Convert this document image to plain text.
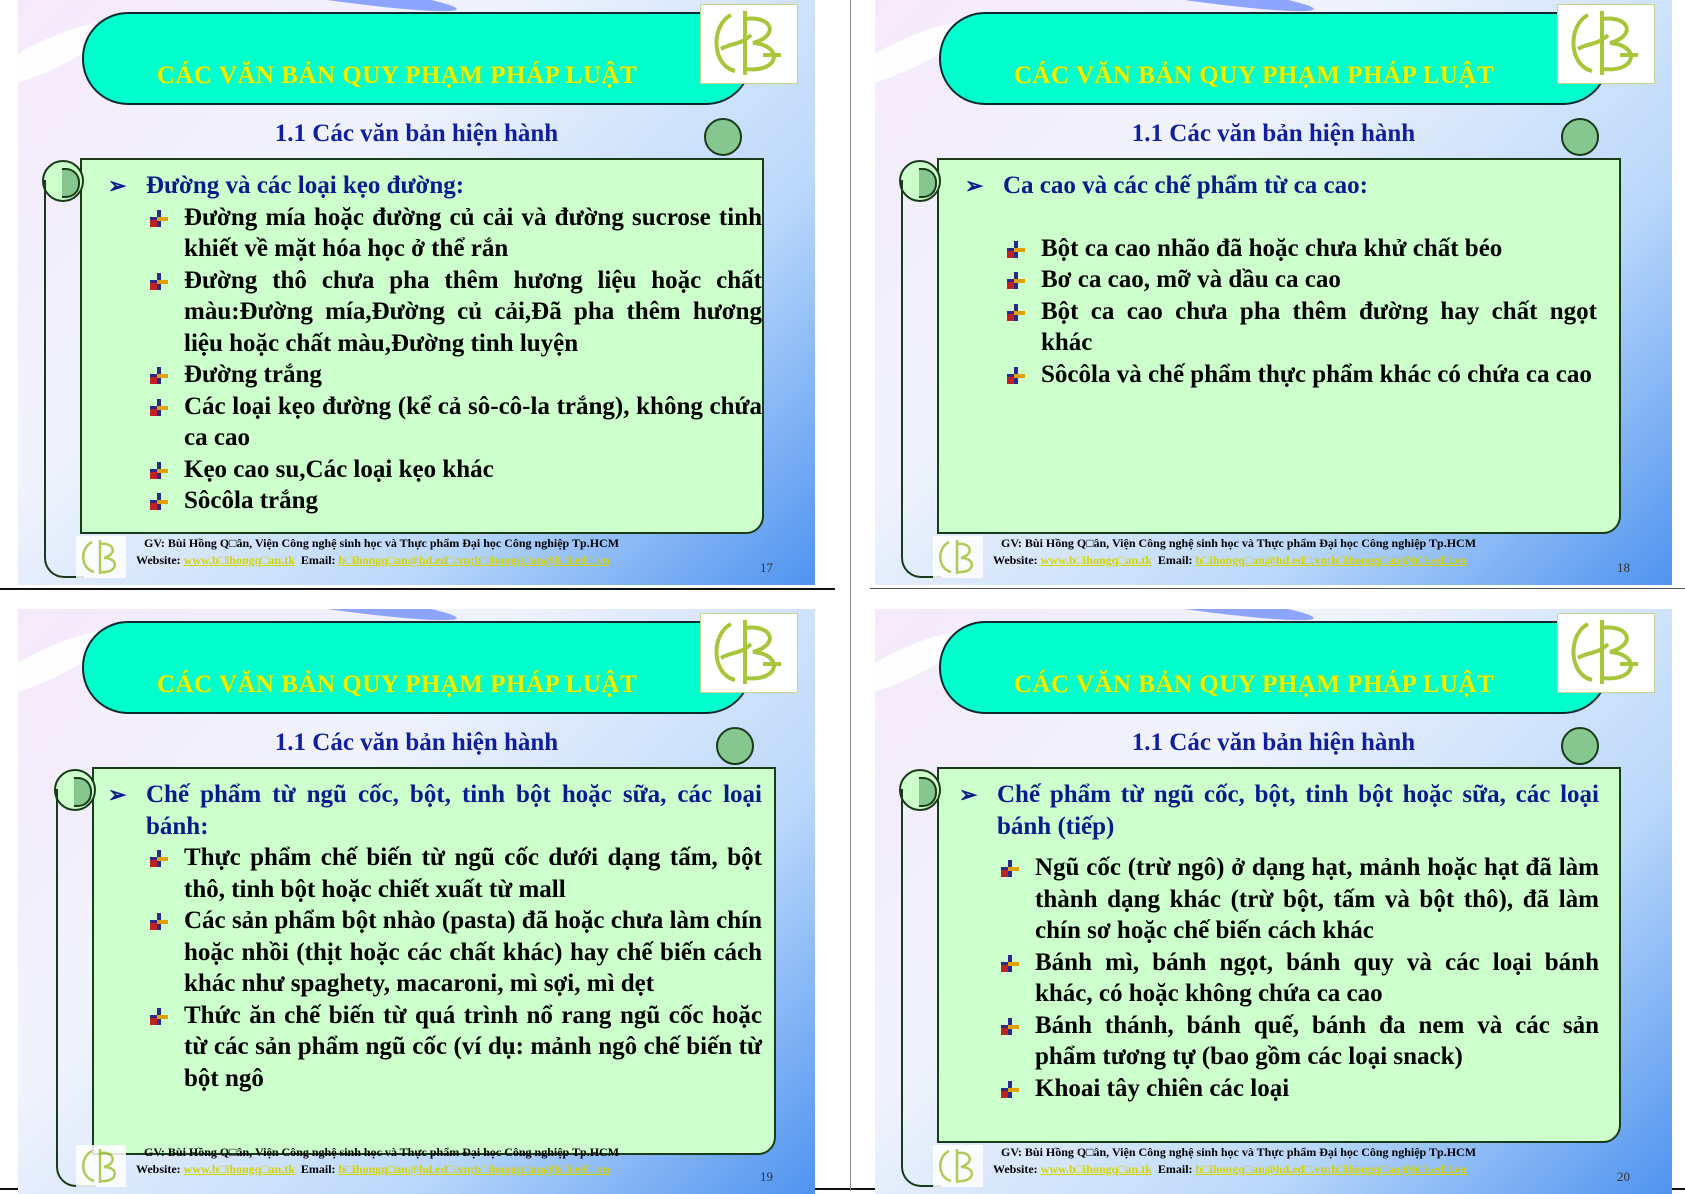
CÁC VĂN BẢN QUY PHẠM PHÁP LUẬT
1.1 Các văn bản hiện hành
➢ Đường và các loại kẹo đường:
Đường mía hoặc đường củ cải và đường sucrose tinh khiết về mặt hóa học ở thể rắn
Đường thô chưa pha thêm hương liệu hoặc chất màu:Đường mía,Đường củ cải,Đã pha thêm hương liệu hoặc chất màu,Đường tinh luyện
Đường trắng
Các loại kẹo đường (kể cả sô-cô-la trắng), không chứa ca cao
Kẹo cao su,Các loại kẹo khác
Sôcôla trắng
GV: Bùi Hồng Q□ân, Viện Công nghệ sinh học và Thực phẩm Đại học Công nghiệp Tp.HCM
Website: www.b□ihongq□an.tk Email: b□ihongq□an@hd.ed□.vn;b□ihongq□an@h□i.ed□.vn	17
CÁC VĂN BẢN QUY PHẠM PHÁP LUẬT
1.1 Các văn bản hiện hành
➢ Ca cao và các chế phẩm từ ca cao:
Bột ca cao nhão đã hoặc chưa khử chất béo
Bơ ca cao, mỡ và dầu ca cao
Bột ca cao chưa pha thêm đường hay chất ngọt khác
Sôcôla và chế phẩm thực phẩm khác có chứa ca cao
GV: Bùi Hồng Q□ân, Viện Công nghệ sinh học và Thực phẩm Đại học Công nghiệp Tp.HCM
Website: www.b□ihongq□an.tk Email: b□ihongq□an@hd.ed□.vn;b□ihongq□an@h□i.ed□.vn	18
CÁC VĂN BẢN QUY PHẠM PHÁP LUẬT
1.1 Các văn bản hiện hành
➢ Chế phẩm từ ngũ cốc, bột, tinh bột hoặc sữa, các loại bánh:
Thực phẩm chế biến từ ngũ cốc dưới dạng tấm, bột thô, tinh bột hoặc chiết xuất từ mall
Các sản phẩm bột nhào (pasta) đã hoặc chưa làm chín hoặc nhồi (thịt hoặc các chất khác) hay chế biến cách khác như spaghety, macaroni, mì sợi, mì dẹt
Thức ăn chế biến từ quá trình nổ rang ngũ cốc hoặc từ các sản phẩm ngũ cốc (ví dụ: mảnh ngô chế biến từ bột ngô
GV: Bùi Hồng Q□ân, Viện Công nghệ sinh học và Thực phẩm Đại học Công nghiệp Tp.HCM
Website: www.b□ihongq□an.tk Email: b□ihongq□an@hd.ed□.vn;b□ihongq□an@h□i.ed□.vn	19
CÁC VĂN BẢN QUY PHẠM PHÁP LUẬT
1.1 Các văn bản hiện hành
➢ Chế phẩm từ ngũ cốc, bột, tinh bột hoặc sữa, các loại bánh (tiếp)
Ngũ cốc (trừ ngô) ở dạng hạt, mảnh hoặc hạt đã làm thành dạng khác (trừ bột, tấm và bột thô), đã làm chín sơ hoặc chế biến cách khác
Bánh mì, bánh ngọt, bánh quy và các loại bánh khác, có hoặc không chứa ca cao
Bánh thánh, bánh quế, bánh đa nem và các sản phẩm tương tự (bao gồm các loại snack)
Khoai tây chiên các loại
GV: Bùi Hồng Q□ân, Viện Công nghệ sinh học và Thực phẩm Đại học Công nghiệp Tp.HCM
Website: www.b□ihongq□an.tk Email: b□ihongq□an@hd.ed□.vn;b□ihongq□an@h□i.ed□.vn	20
